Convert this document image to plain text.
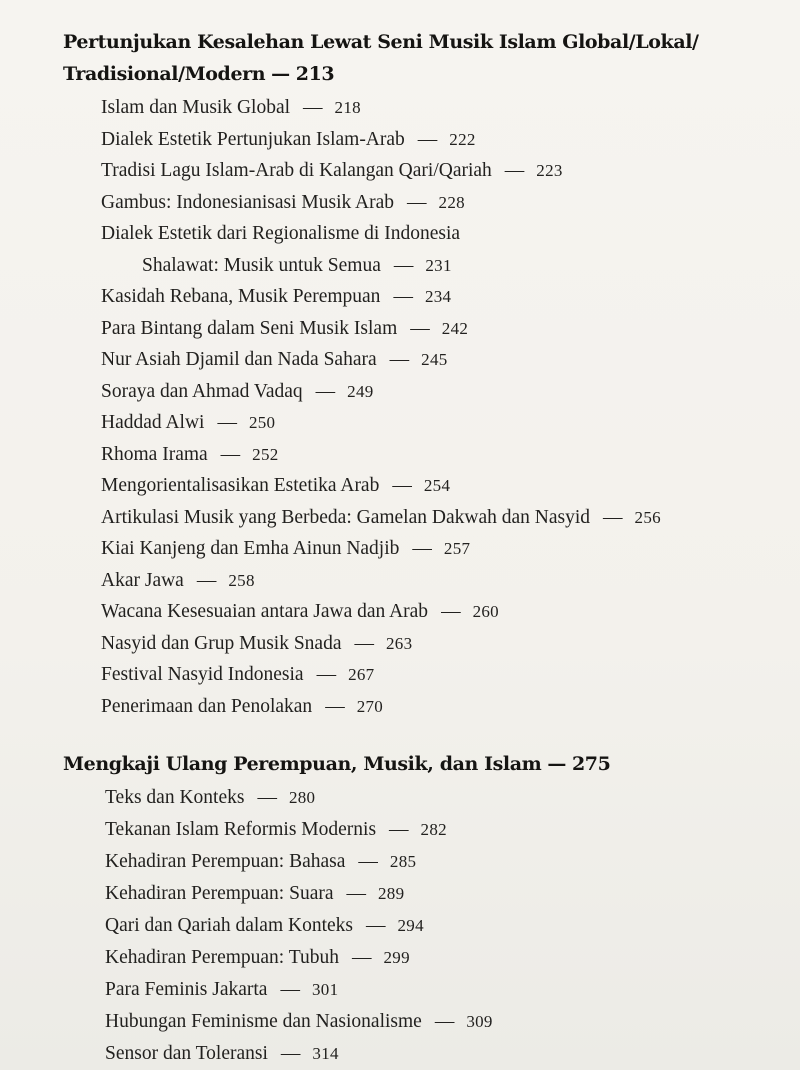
Pertunjukan Kesalehan Lewat Seni Musik Islam Global/Lokal/
Tradisional/Modern — 213
Islam dan Musik Global — 218
Dialek Estetik Pertunjukan Islam-Arab — 222
Tradisi Lagu Islam-Arab di Kalangan Qari/Qariah — 223
Gambus: Indonesianisasi Musik Arab — 228
Dialek Estetik dari Regionalisme di Indonesia
Shalawat: Musik untuk Semua — 231
Kasidah Rebana, Musik Perempuan — 234
Para Bintang dalam Seni Musik Islam — 242
Nur Asiah Djamil dan Nada Sahara — 245
Soraya dan Ahmad Vadaq — 249
Haddad Alwi — 250
Rhoma Irama — 252
Mengorientalisasikan Estetika Arab — 254
Artikulasi Musik yang Berbeda: Gamelan Dakwah dan Nasyid — 256
Kiai Kanjeng dan Emha Ainun Nadjib — 257
Akar Jawa — 258
Wacana Kesesuaian antara Jawa dan Arab — 260
Nasyid dan Grup Musik Snada — 263
Festival Nasyid Indonesia — 267
Penerimaan dan Penolakan — 270
Mengkaji Ulang Perempuan, Musik, dan Islam — 275
Teks dan Konteks — 280
Tekanan Islam Reformis Modernis — 282
Kehadiran Perempuan: Bahasa — 285
Kehadiran Perempuan: Suara — 289
Qari dan Qariah dalam Konteks — 294
Kehadiran Perempuan: Tubuh — 299
Para Feminis Jakarta — 301
Hubungan Feminisme dan Nasionalisme — 309
Sensor dan Toleransi — 314
